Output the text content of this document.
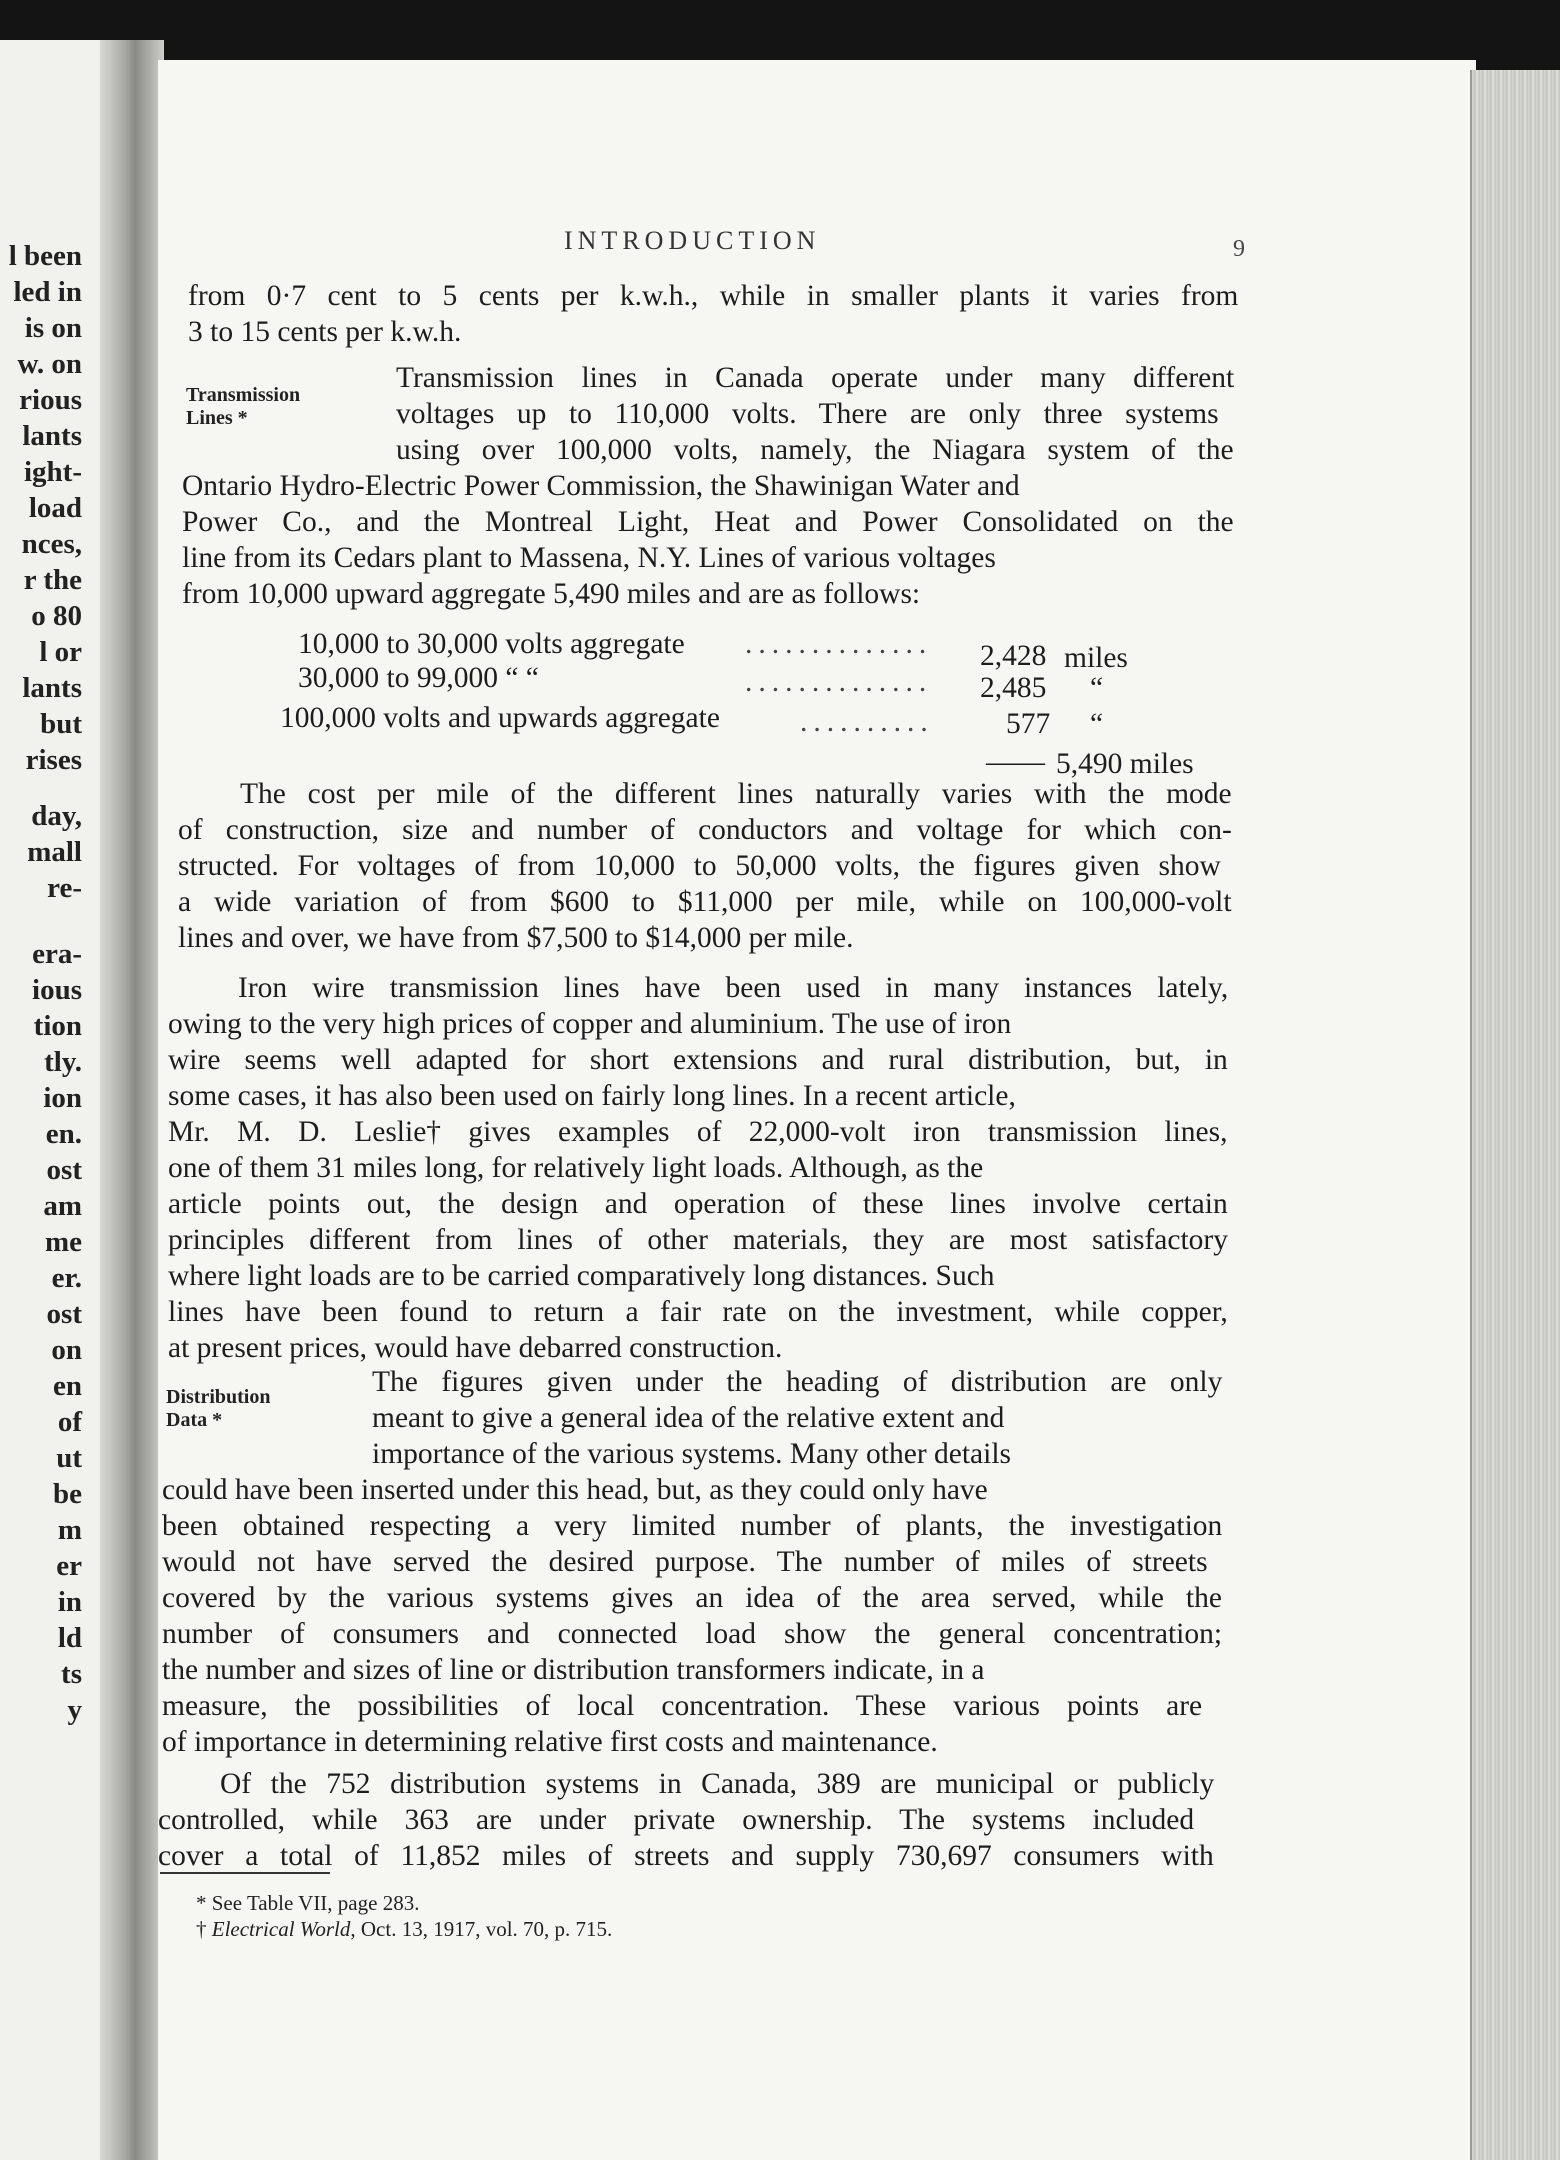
l been
led in
is on
w. on
rious
lants
ight-
load
nces,
r the
o 80
l or
lants
but
rises
day,
mall
re-
era-
ious
tion
tly.
ion
en.
ost
am
me
er.
ost
on
en
of
ut
be
m
er
in
ld
ts
y
INTRODUCTION	9
Transmission
Lines *
Distribution
Data *
from 0·7 cent to 5 cents per k.w.h., while in smaller plants it varies from
3 to 15 cents per k.w.h.
Transmission lines in Canada operate under many different
voltages up to 110,000 volts. There are only three systems
using over 100,000 volts, namely, the Niagara system of the
Ontario Hydro-Electric Power Commission, the Shawinigan Water and
Power Co., and the Montreal Light, Heat and Power Consolidated on the
line from its Cedars plant to Massena, N.Y. Lines of various voltages
from 10,000 upward aggregate 5,490 miles and are as follows:
The cost per mile of the different lines naturally varies with the mode
of construction, size and number of conductors and voltage for which con-
structed. For voltages of from 10,000 to 50,000 volts, the figures given show
a wide variation of from $600 to $11,000 per mile, while on 100,000-volt
lines and over, we have from $7,500 to $14,000 per mile.
Iron wire transmission lines have been used in many instances lately,
owing to the very high prices of copper and aluminium. The use of iron
wire seems well adapted for short extensions and rural distribution, but, in
some cases, it has also been used on fairly long lines. In a recent article,
Mr. M. D. Leslie† gives examples of 22,000-volt iron transmission lines,
one of them 31 miles long, for relatively light loads. Although, as the
article points out, the design and operation of these lines involve certain
principles different from lines of other materials, they are most satisfactory
where light loads are to be carried comparatively long distances. Such
lines have been found to return a fair rate on the investment, while copper,
at present prices, would have debarred construction.
The figures given under the heading of distribution are only
meant to give a general idea of the relative extent and
importance of the various systems. Many other details
could have been inserted under this head, but, as they could only have
been obtained respecting a very limited number of plants, the investigation
would not have served the desired purpose. The number of miles of streets
covered by the various systems gives an idea of the area served, while the
number of consumers and connected load show the general concentration;
the number and sizes of line or distribution transformers indicate, in a
measure, the possibilities of local concentration. These various points are
of importance in determining relative first costs and maintenance.
Of the 752 distribution systems in Canada, 389 are municipal or publicly
controlled, while 363 are under private ownership. The systems included
cover a total of 11,852 miles of streets and supply 730,697 consumers with
10,000 to 30,000 volts aggregate .............. 2,428 miles
30,000 to 99,000 “ “	.............. 2,485 “
100,000 volts and upwards aggregate	.......... 577 “
—— 5,490 miles
* See Table VII, page 283.
† Electrical World, Oct. 13, 1917, vol. 70, p. 715.
